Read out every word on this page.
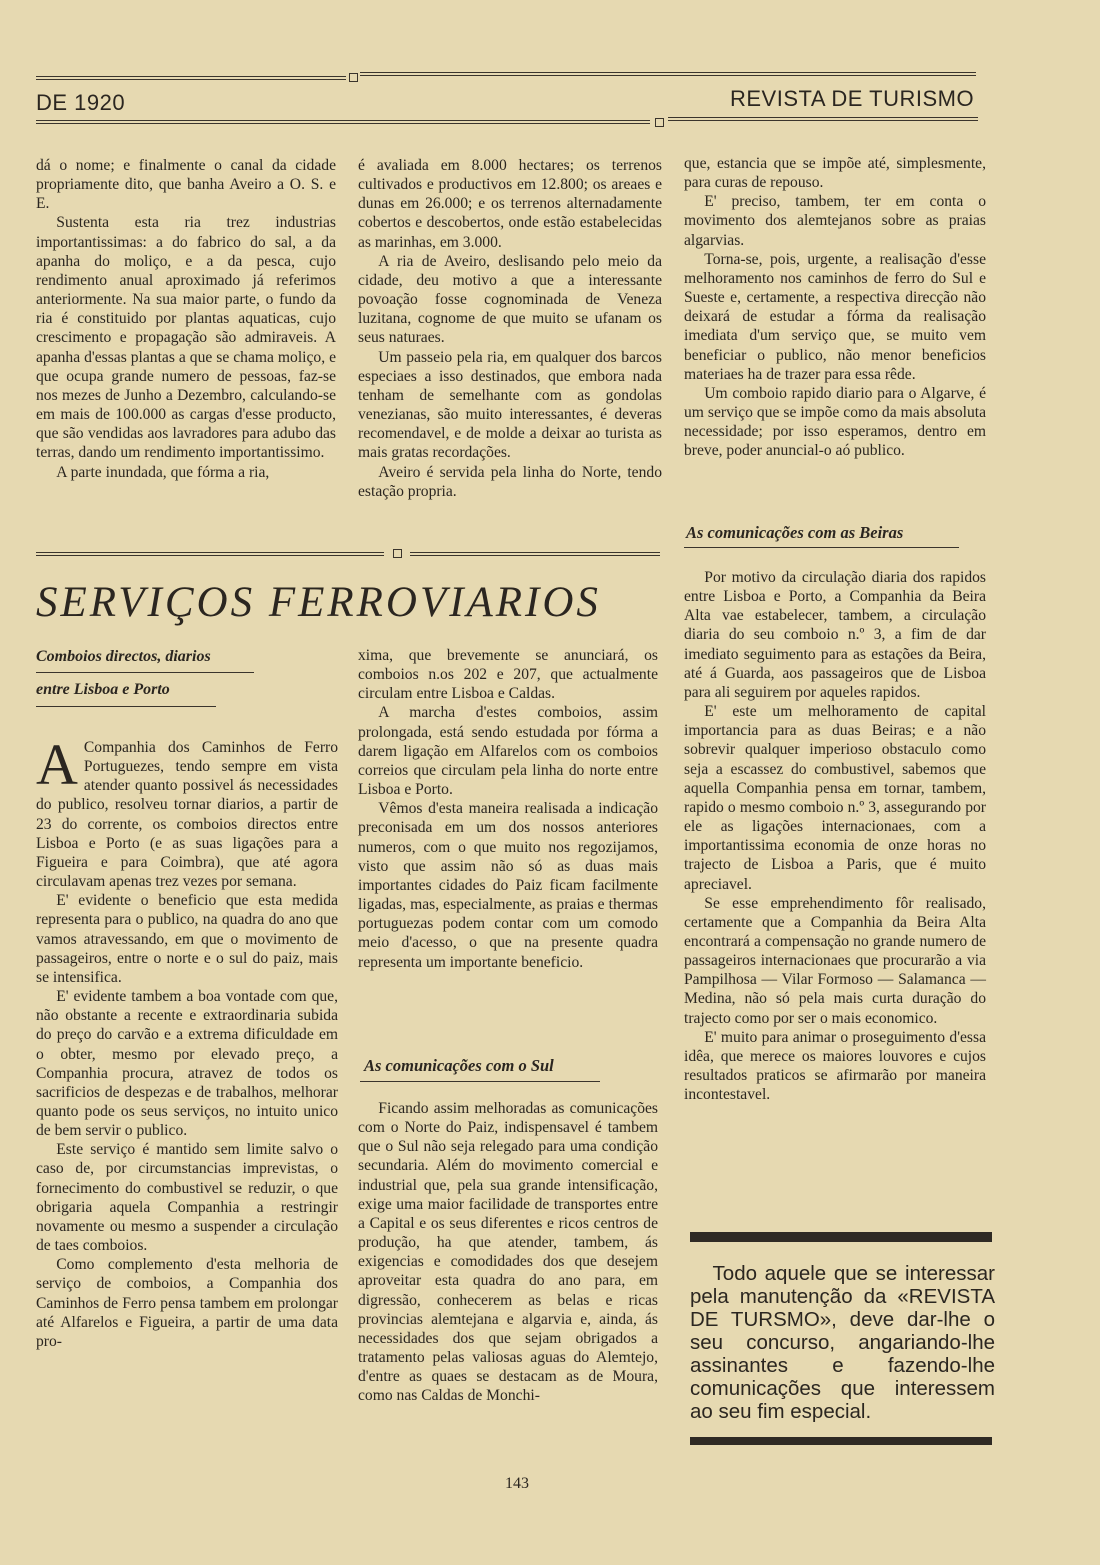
DE 1920	REVISTA DE TURISMO

dá o nome; e finalmente o canal da cidade propriamente dito, que banha Aveiro a O. S. e E.

Sustenta esta ria trez industrias importantissimas: a do fabrico do sal, a da apanha do moliço, e a da pesca, cujo rendimento anual aproximado já referimos anteriormente. Na sua maior parte, o fundo da ria é constituido por plantas aquaticas, cujo crescimento e propagação são admiraveis. A apanha d'essas plantas a que se chama moliço, e que ocupa grande numero de pessoas, faz-se nos mezes de Junho a Dezembro, calculando-se em mais de 100.000 as cargas d'esse producto, que são vendidas aos lavradores para adubo das terras, dando um rendimento importantissimo.

A parte inundada, que fórma a ria,

é avaliada em 8.000 hectares; os terrenos cultivados e productivos em 12.800; os areaes e dunas em 26.000; e os terrenos alternadamente cobertos e descobertos, onde estão estabelecidas as marinhas, em 3.000.

A ria de Aveiro, deslisando pelo meio da cidade, deu motivo a que a interessante povoação fosse cognominada de Veneza luzitana, cognome de que muito se ufanam os seus naturaes.

Um passeio pela ria, em qualquer dos barcos especiaes a isso destinados, que embora nada tenham de semelhante com as gondolas venezianas, são muito interessantes, é deveras recomendavel, e de molde a deixar ao turista as mais gratas recordações.

Aveiro é servida pela linha do Norte, tendo estação propria.

que, estancia que se impõe até, simplesmente, para curas de repouso.

E' preciso, tambem, ter em conta o movimento dos alemtejanos sobre as praias algarvias.

Torna-se, pois, urgente, a realisação d'esse melhoramento nos caminhos de ferro do Sul e Sueste e, certamente, a respectiva direcção não deixará de estudar a fórma da realisação imediata d'um serviço que, se muito vem beneficiar o publico, não menor beneficios materiaes ha de trazer para essa rêde.

Um comboio rapido diario para o Algarve, é um serviço que se impõe como da mais absoluta necessidade; por isso esperamos, dentro em breve, poder anuncial-o aó publico.

As comunicações com as Beiras

Por motivo da circulação diaria dos rapidos entre Lisboa e Porto, a Companhia da Beira Alta vae estabelecer, tambem, a circulação diaria do seu comboio n.º 3, a fim de dar imediato seguimento para as estações da Beira, até á Guarda, aos passageiros que de Lisboa para ali seguirem por aqueles rapidos.

E' este um melhoramento de capital importancia para as duas Beiras; e a não sobrevir qualquer imperioso obstaculo como seja a escassez do combustivel, sabemos que aquella Companhia pensa em tornar, tambem, rapido o mesmo comboio n.º 3, assegurando por ele as ligações internacionaes, com a importantissima economia de onze horas no trajecto de Lisboa a Paris, que é muito apreciavel.

Se esse emprehendimento fôr realisado, certamente que a Companhia da Beira Alta encontrará a compensação no grande numero de passageiros internacionaes que procurarão a via Pampilhosa — Vilar Formoso — Salamanca — Medina, não só pela mais curta duração do trajecto como por ser o mais economico.

E' muito para animar o proseguimento d'essa idêa, que merece os maiores louvores e cujos resultados praticos se afirmarão por maneira incontestavel.

SERVIÇOS FERROVIARIOS
Comboios directos, diarios
entre Lisboa e Porto

A Companhia dos Caminhos de Ferro Portuguezes, tendo sempre em vista atender quanto possivel ás necessidades do publico, resolveu tornar diarios, a partir de 23 do corrente, os comboios directos entre Lisboa e Porto (e as suas ligações para a Figueira e para Coimbra), que até agora circulavam apenas trez vezes por semana.

E' evidente o beneficio que esta medida representa para o publico, na quadra do ano que vamos atravessando, em que o movimento de passageiros, entre o norte e o sul do paiz, mais se intensifica.

E' evidente tambem a boa vontade com que, não obstante a recente e extraordinaria subida do preço do carvão e a extrema dificuldade em o obter, mesmo por elevado preço, a Companhia procura, atravez de todos os sacrificios de despezas e de trabalhos, melhorar quanto pode os seus serviços, no intuito unico de bem servir o publico.

Este serviço é mantido sem limite salvo o caso de, por circumstancias imprevistas, o fornecimento do combustivel se reduzir, o que obrigaria aquela Companhia a restringir novamente ou mesmo a suspender a circulação de taes comboios.

Como complemento d'esta melhoria de serviço de comboios, a Companhia dos Caminhos de Ferro pensa tambem em prolongar até Alfarelos e Figueira, a partir de uma data pro-

xima, que brevemente se anunciará, os comboios n.os 202 e 207, que actualmente circulam entre Lisboa e Caldas.

A marcha d'estes comboios, assim prolongada, está sendo estudada por fórma a darem ligação em Alfarelos com os comboios correios que circulam pela linha do norte entre Lisboa e Porto.

Vêmos d'esta maneira realisada a indicação preconisada em um dos nossos anteriores numeros, com o que muito nos regozijamos, visto que assim não só as duas mais importantes cidades do Paiz ficam facilmente ligadas, mas, especialmente, as praias e thermas portuguezas podem contar com um comodo meio d'acesso, o que na presente quadra representa um importante beneficio.

As comunicações com o Sul

Ficando assim melhoradas as comunicações com o Norte do Paiz, indispensavel é tambem que o Sul não seja relegado para uma condição secundaria. Além do movimento comercial e industrial que, pela sua grande intensificação, exige uma maior facilidade de transportes entre a Capital e os seus diferentes e ricos centros de produção, ha que atender, tambem, ás exigencias e comodidades dos que desejem aproveitar esta quadra do ano para, em digressão, conhecerem as belas e ricas provincias alemtejana e algarvia e, ainda, ás necessidades dos que sejam obrigados a tratamento pelas valiosas aguas do Alemtejo, d'entre as quaes se destacam as de Moura, como nas Caldas de Monchi-

Todo aquele que se interessar pela manutenção da «REVISTA DE TURSMO», deve dar-lhe o seu concurso, angariando-lhe assinantes e fazendo-lhe comunicações que interessem ao seu fim especial.
143
